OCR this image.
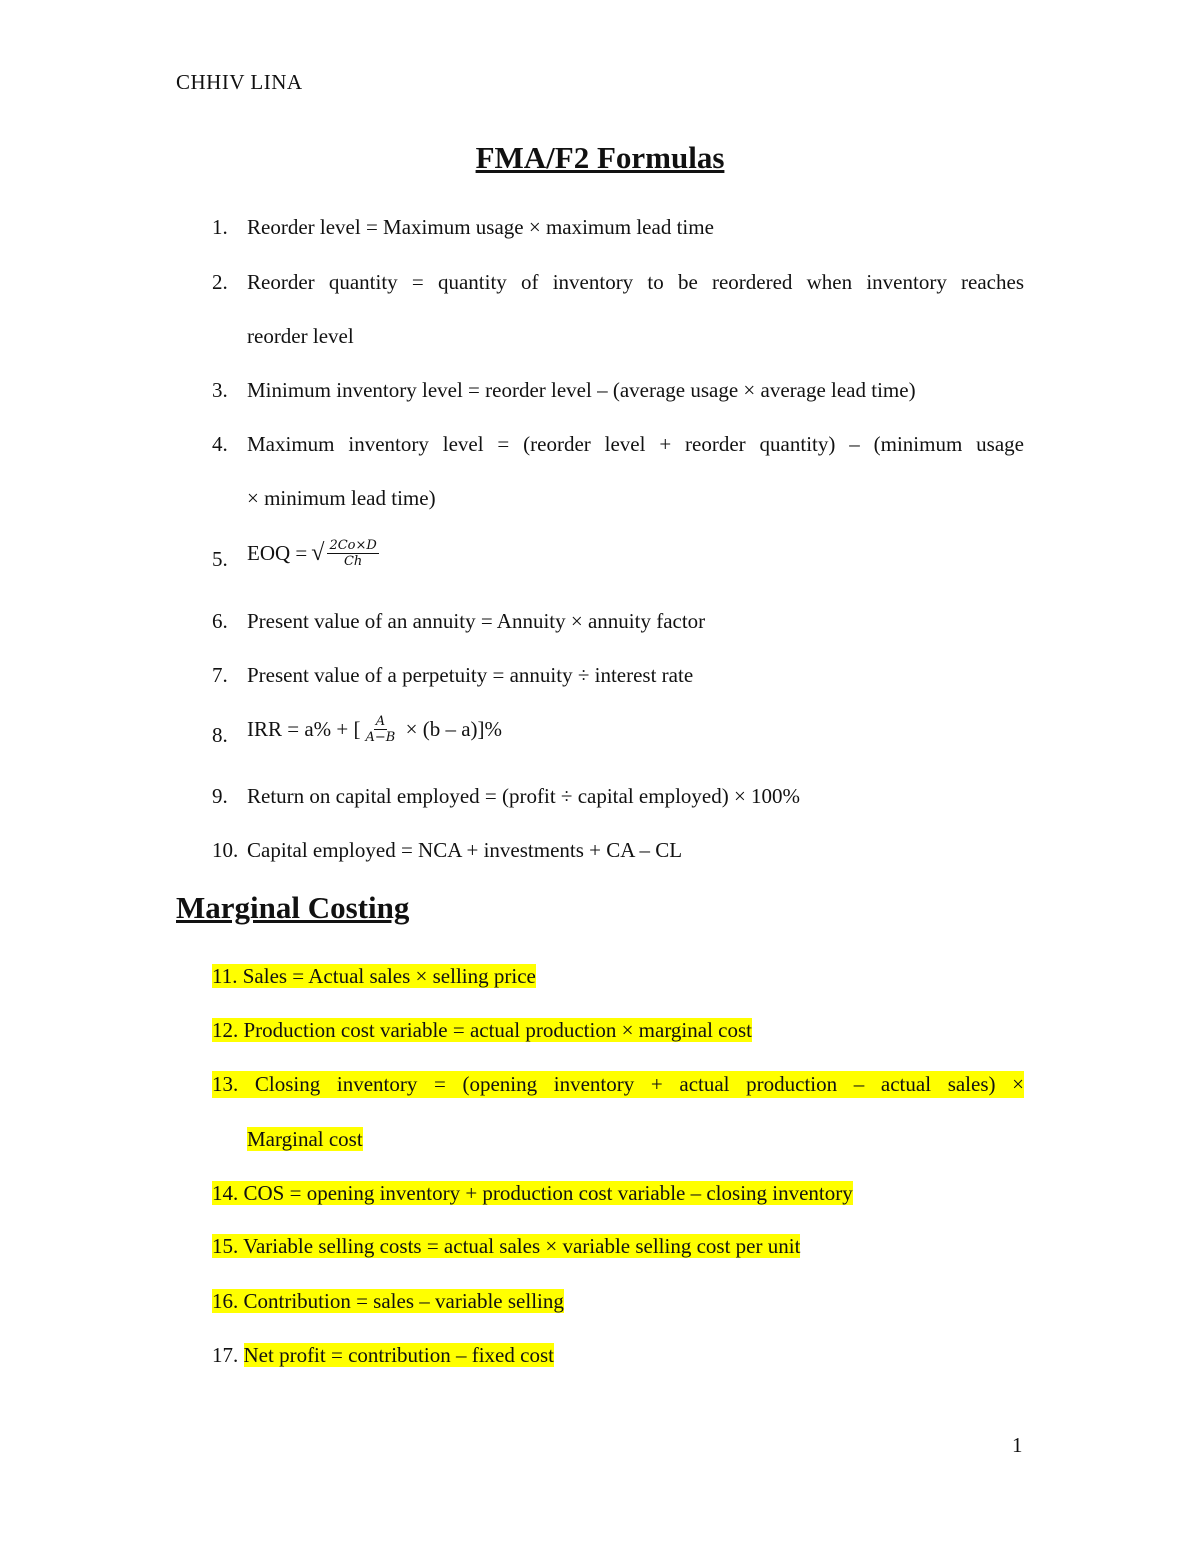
CHHIV LINA
FMA/F2 Formulas
1. Reorder level = Maximum usage × maximum lead time
2. Reorder quantity = quantity of inventory to be reordered when inventory reaches
reorder level
3. Minimum inventory level = reorder level – (average usage × average lead time)
4. Maximum inventory level = (reorder level + reorder quantity) – (minimum usage
× minimum lead time)
5. EOQ = √ $\frac{2Co\times D}{Ch}$
6. Present value of an annuity = Annuity × annuity factor
7. Present value of a perpetuity = annuity ÷ interest rate
8. IRR = a% + [ $\frac{A}{A-B} \times (b - a)]\%$
9. Return on capital employed = (profit ÷ capital employed) × 100%
10. Capital employed = NCA + investments + CA – CL
Marginal Costing
11. Sales = Actual sales × selling price
12. Production cost variable = actual production × marginal cost
13. Closing inventory = (opening inventory + actual production – actual sales) ×
Marginal cost
14. COS = opening inventory + production cost variable – closing inventory
15. Variable selling costs = actual sales × variable selling cost per unit
16. Contribution = sales – variable selling
17. Net profit = contribution – fixed cost
1
